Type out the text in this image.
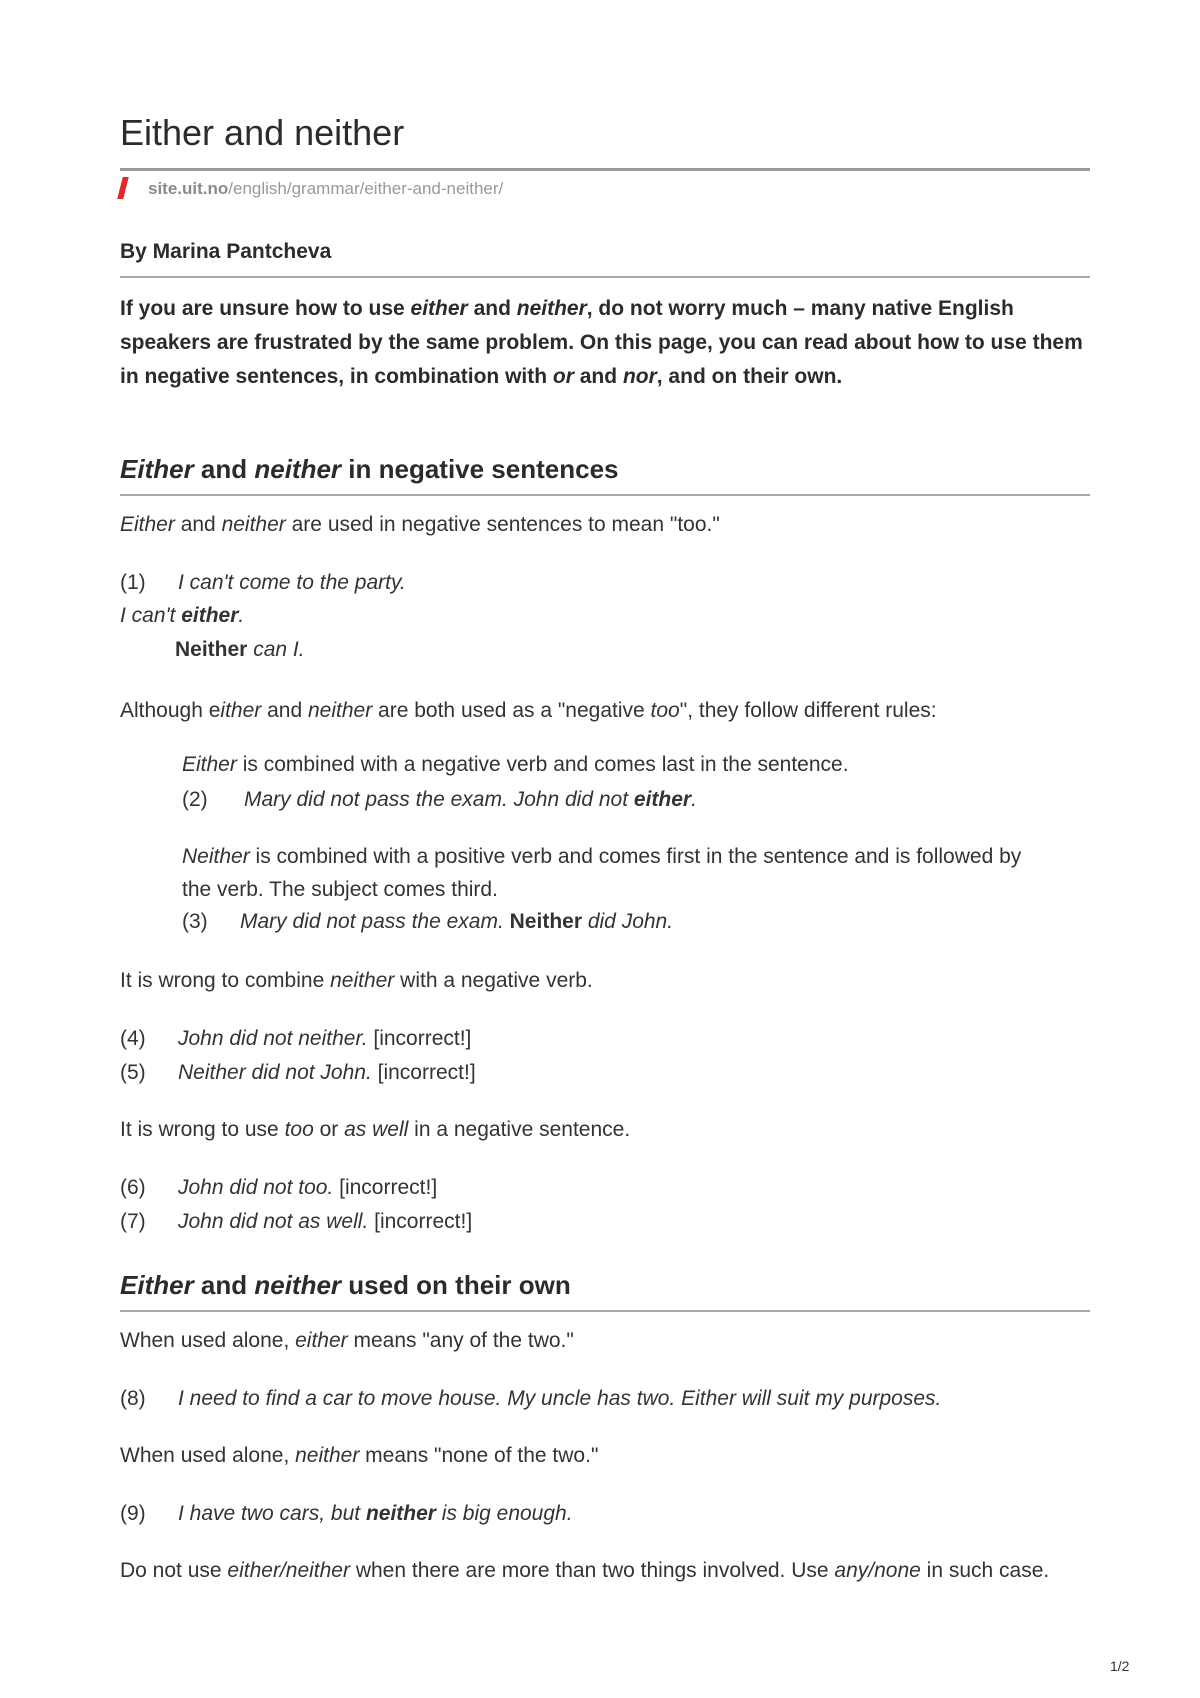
Either and neither
site.uit.no/english/grammar/either-and-neither/
By Marina Pantcheva
If you are unsure how to use either and neither, do not worry much – many native English speakers are frustrated by the same problem. On this page, you can read about how to use them in negative sentences, in combination with or and nor, and on their own.
Either and neither in negative sentences
Either and neither are used in negative sentences to mean "too."
(1) I can't come to the party.
I can't either.
Neither can I.
Although either and neither are both used as a "negative too", they follow different rules:
Either is combined with a negative verb and comes last in the sentence.
(2) Mary did not pass the exam. John did not either.
Neither is combined with a positive verb and comes first in the sentence and is followed by the verb. The subject comes third.
(3) Mary did not pass the exam. Neither did John.
It is wrong to combine neither with a negative verb.
(4) John did not neither. [incorrect!]
(5) Neither did not John. [incorrect!]
It is wrong to use too or as well in a negative sentence.
(6) John did not too. [incorrect!]
(7) John did not as well. [incorrect!]
Either and neither used on their own
When used alone, either means "any of the two."
(8) I need to find a car to move house. My uncle has two. Either will suit my purposes.
When used alone, neither means "none of the two."
(9) I have two cars, but neither is big enough.
Do not use either/neither when there are more than two things involved. Use any/none in such case.
1/2
